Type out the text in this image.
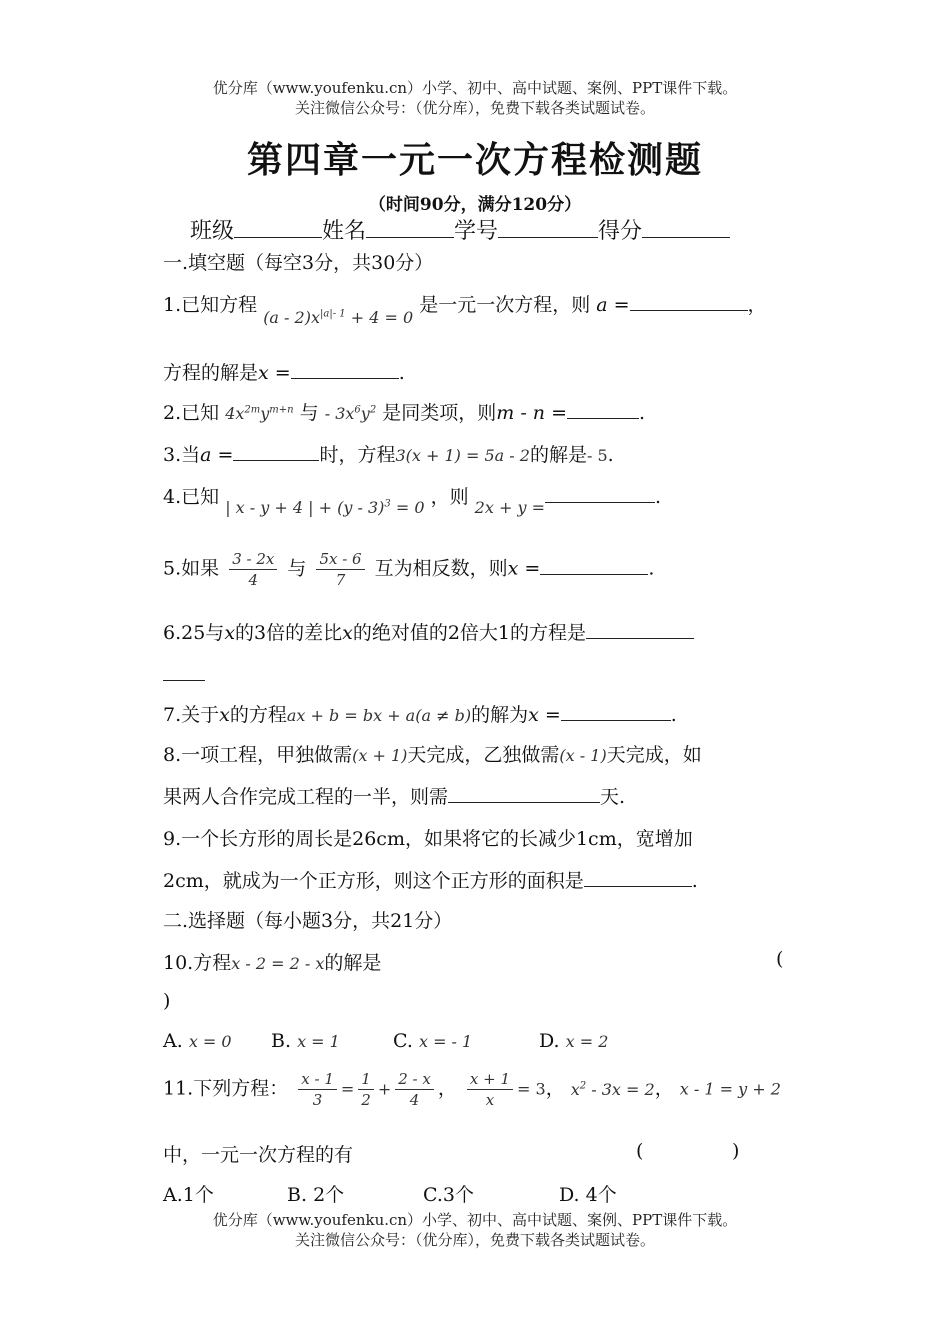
优分库（www.youfenku.cn）小学、初中、高中试题、案例、PPT课件下载。
关注微信公众号：（优分库），免费下载各类试题试卷。
第四章一元一次方程检测题
（时间90分，满分120分）
班级	姓名	学号	得分
一.填空题（每空3分，共30分）
1.已知方程 $_{(a - 2)x^{|a|- 1} + 4 = 0}$ 是一元一次方程，则 a =	，
方程的解是x =	.
2.已知 $4x^{2m}y^{m+n}$ 与 - $3x^6y^2$ 是同类项，则m - n =	.
3.当a =	时，方程3(x + 1) = 5a - 2的解是- 5.
4.已知 $_{| x - y + 4 | + (y - 3)^3 = 0}$ ，则 $_{2x + y =}$	.
5.如果 $\frac{3 - 2x}{4}$ 与 $\frac{5x - 6}{7}$ 互为相反数，则x =	.
6.25与x的3倍的差比x的绝对值的2倍大1的方程是
7.关于x的方程ax + b = bx + a(a ≠ b)的解为x =	.
8.一项工程，甲独做需(x + 1)天完成，乙独做需(x - 1)天完成，如
果两人合作完成工程的一半，则需	天.
9.一个长方形的周长是26cm，如果将它的长减少1cm，宽增加
2cm，就成为一个正方形，则这个正方形的面积是	.
二.选择题（每小题3分，共21分）
10.方程x - 2 = 2 - x的解是	(
)
A. x = 0 B. x = 1	C. x = - 1	D. x = 2
11.下列方程： $\frac{x - 1}{3} = \frac{1}{2} + \frac{2 - x}{4}$ ， $\frac{x + 1}{x} = 3$， $x^2 - 3x = 2$， x - 1 = y + 2
中，一元一次方程的有	(	)
A.1个	B. 2个	C.3个	D. 4个
优分库（www.youfenku.cn）小学、初中、高中试题、案例、PPT课件下载。
关注微信公众号：（优分库），免费下载各类试题试卷。
